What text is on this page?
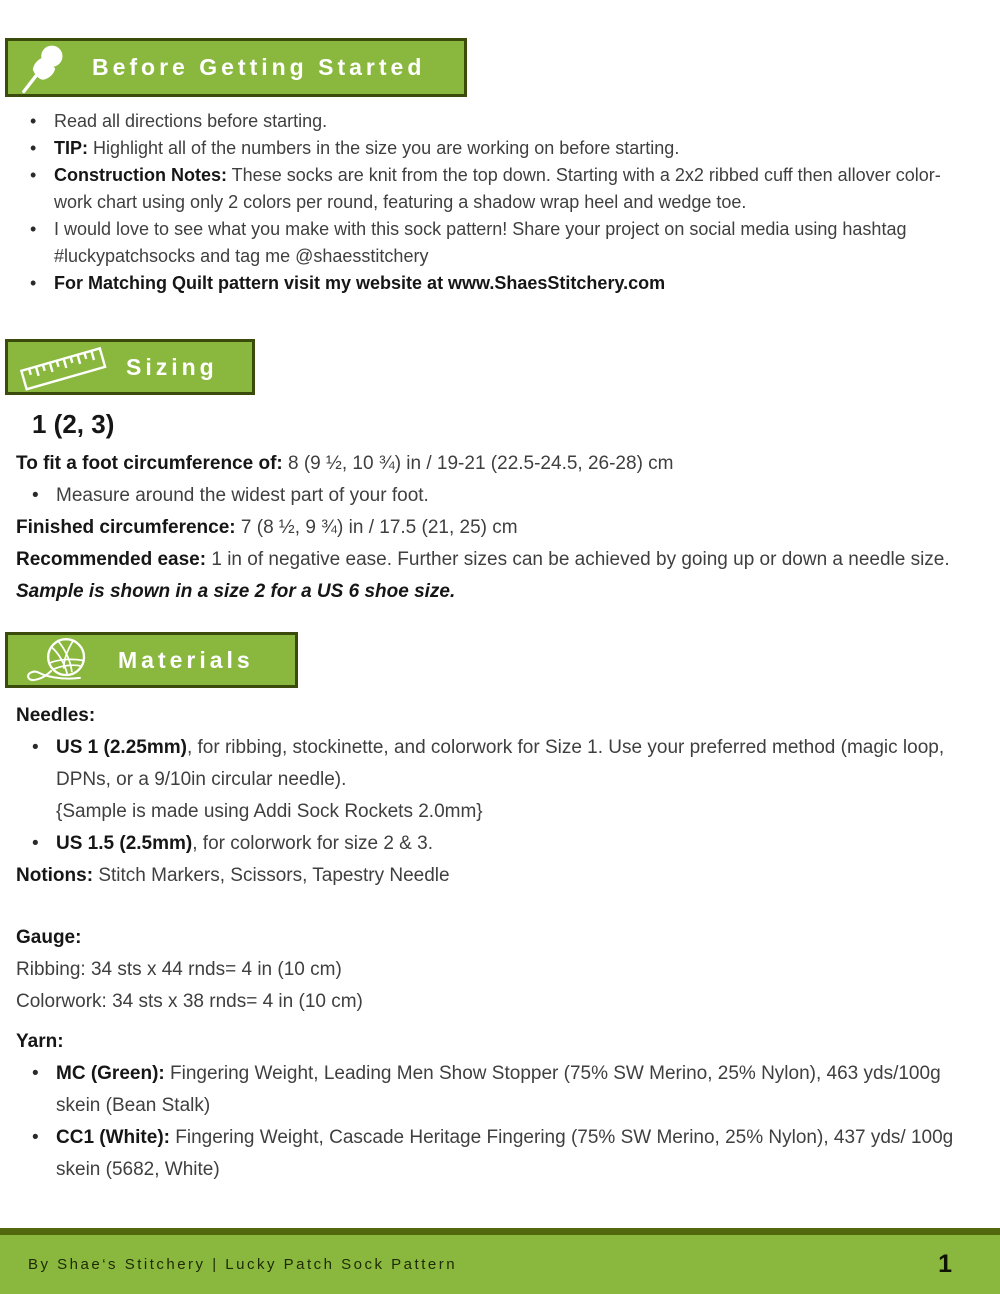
Before Getting Started
• Read all directions before starting.
• TIP: Highlight all of the numbers in the size you are working on before starting.
• Construction Notes: These socks are knit from the top down. Starting with a 2x2 ribbed cuff then allover color-work chart using only 2 colors per round, featuring a shadow wrap heel and wedge toe.
• I would love to see what you make with this sock pattern! Share your project on social media using hashtag #luckypatchsocks and tag me @shaesstitchery
• For Matching Quilt pattern visit my website at www.ShaesStitchery.com
Sizing
1 (2, 3)
To fit a foot circumference of: 8 (9 ½, 10 ¾) in / 19-21 (22.5-24.5, 26-28) cm
• Measure around the widest part of your foot.
Finished circumference: 7 (8 ½, 9 ¾) in / 17.5 (21, 25) cm
Recommended ease: 1 in of negative ease. Further sizes can be achieved by going up or down a needle size. Sample is shown in a size 2 for a US 6 shoe size.
Materials
Needles:
• US 1 (2.25mm), for ribbing, stockinette, and colorwork for Size 1. Use your preferred method (magic loop, DPNs, or a 9/10in circular needle).
{Sample is made using Addi Sock Rockets 2.0mm}
• US 1.5 (2.5mm), for colorwork for size 2 & 3.
Notions: Stitch Markers, Scissors, Tapestry Needle
Gauge:
Ribbing: 34 sts x 44 rnds= 4 in (10 cm)
Colorwork: 34 sts x 38 rnds= 4 in (10 cm)
Yarn:
• MC (Green): Fingering Weight, Leading Men Show Stopper (75% SW Merino, 25% Nylon), 463 yds/100g skein (Bean Stalk)
• CC1 (White): Fingering Weight, Cascade Heritage Fingering (75% SW Merino, 25% Nylon), 437 yds/ 100g skein (5682, White)
By Shae‘s Stitchery | Lucky Patch Sock Pattern	1
